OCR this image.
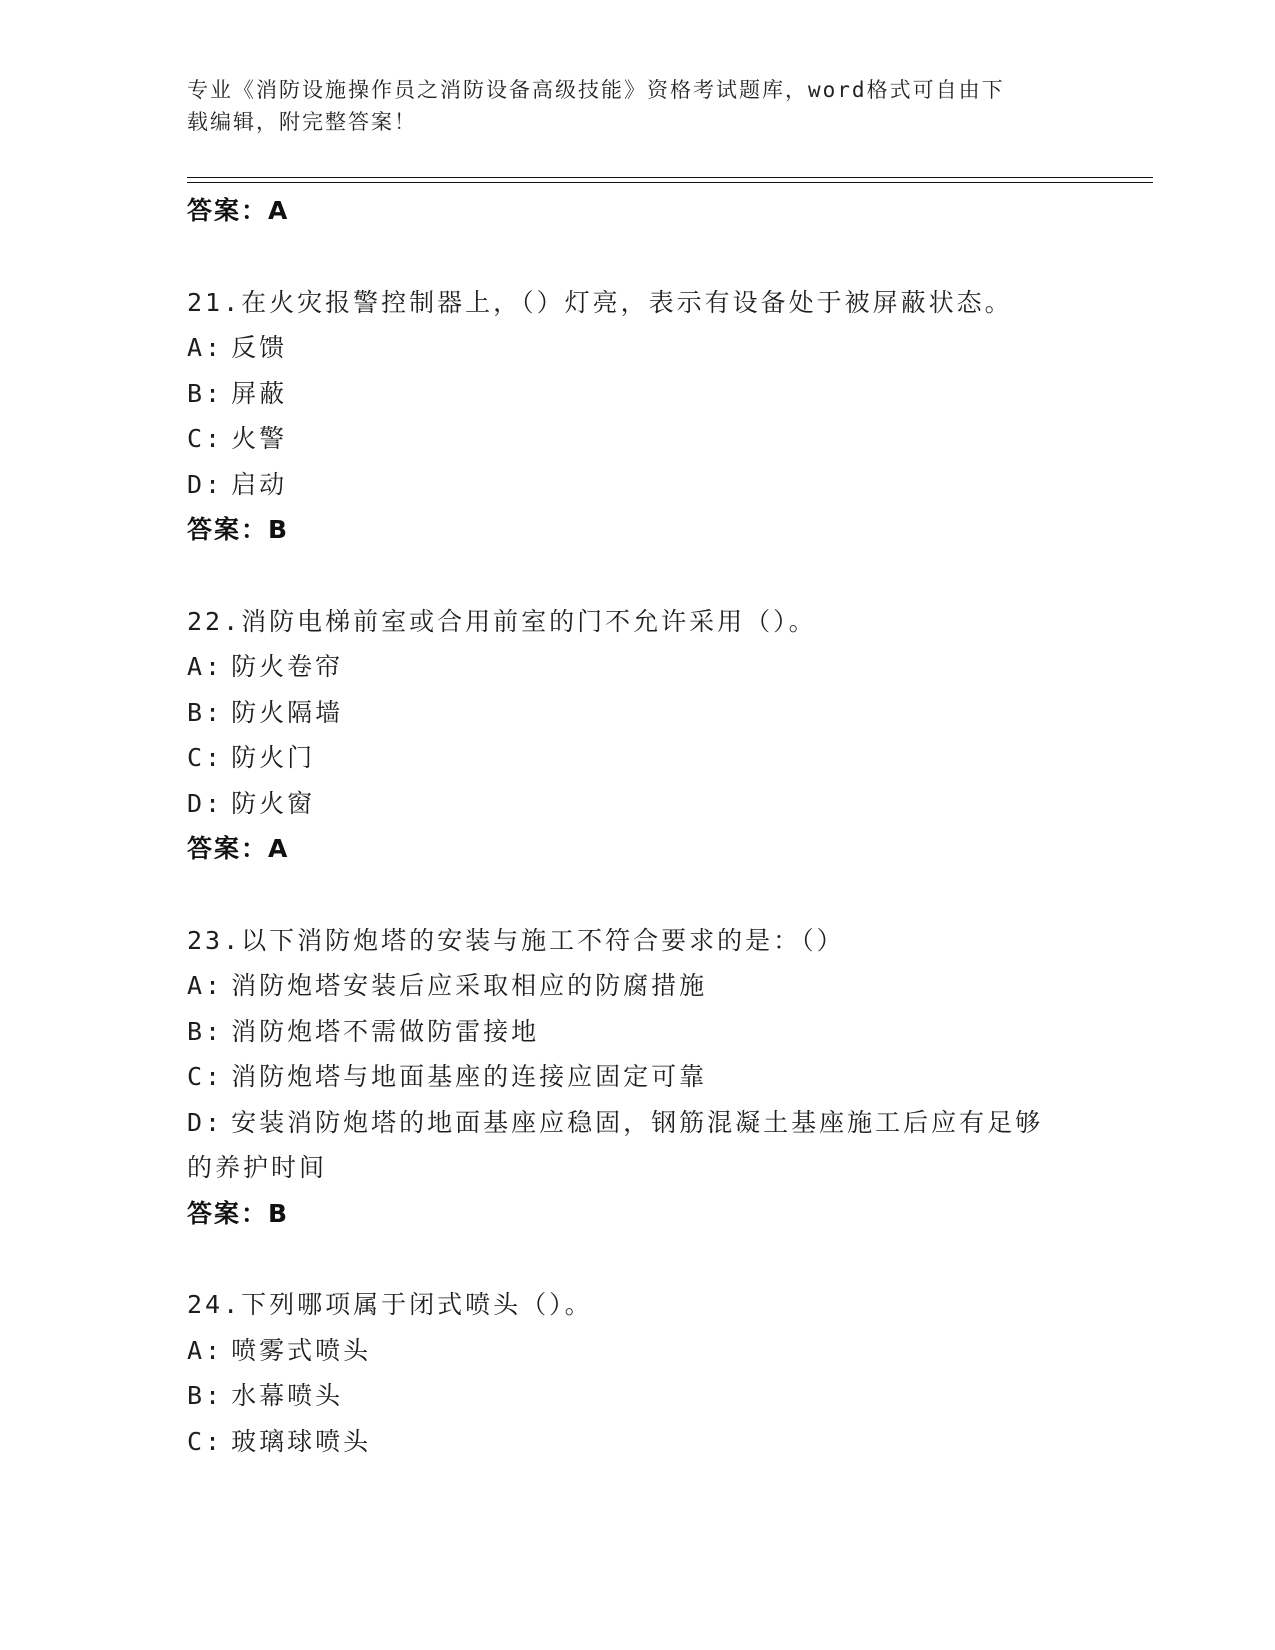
专业《消防设施操作员之消防设备高级技能》资格考试题库，word格式可自由下
载编辑，附完整答案！
答案：A
21.在火灾报警控制器上，（）灯亮，表示有设备处于被屏蔽状态。
A: 反馈
B: 屏蔽
C: 火警
D: 启动
答案：B
22.消防电梯前室或合用前室的门不允许采用（）。
A: 防火卷帘
B: 防火隔墙
C: 防火门
D: 防火窗
答案：A
23.以下消防炮塔的安装与施工不符合要求的是：（）
A: 消防炮塔安装后应采取相应的防腐措施
B: 消防炮塔不需做防雷接地
C: 消防炮塔与地面基座的连接应固定可靠
D: 安装消防炮塔的地面基座应稳固，钢筋混凝土基座施工后应有足够
的养护时间
答案：B
24.下列哪项属于闭式喷头（）。
A: 喷雾式喷头
B: 水幕喷头
C: 玻璃球喷头
